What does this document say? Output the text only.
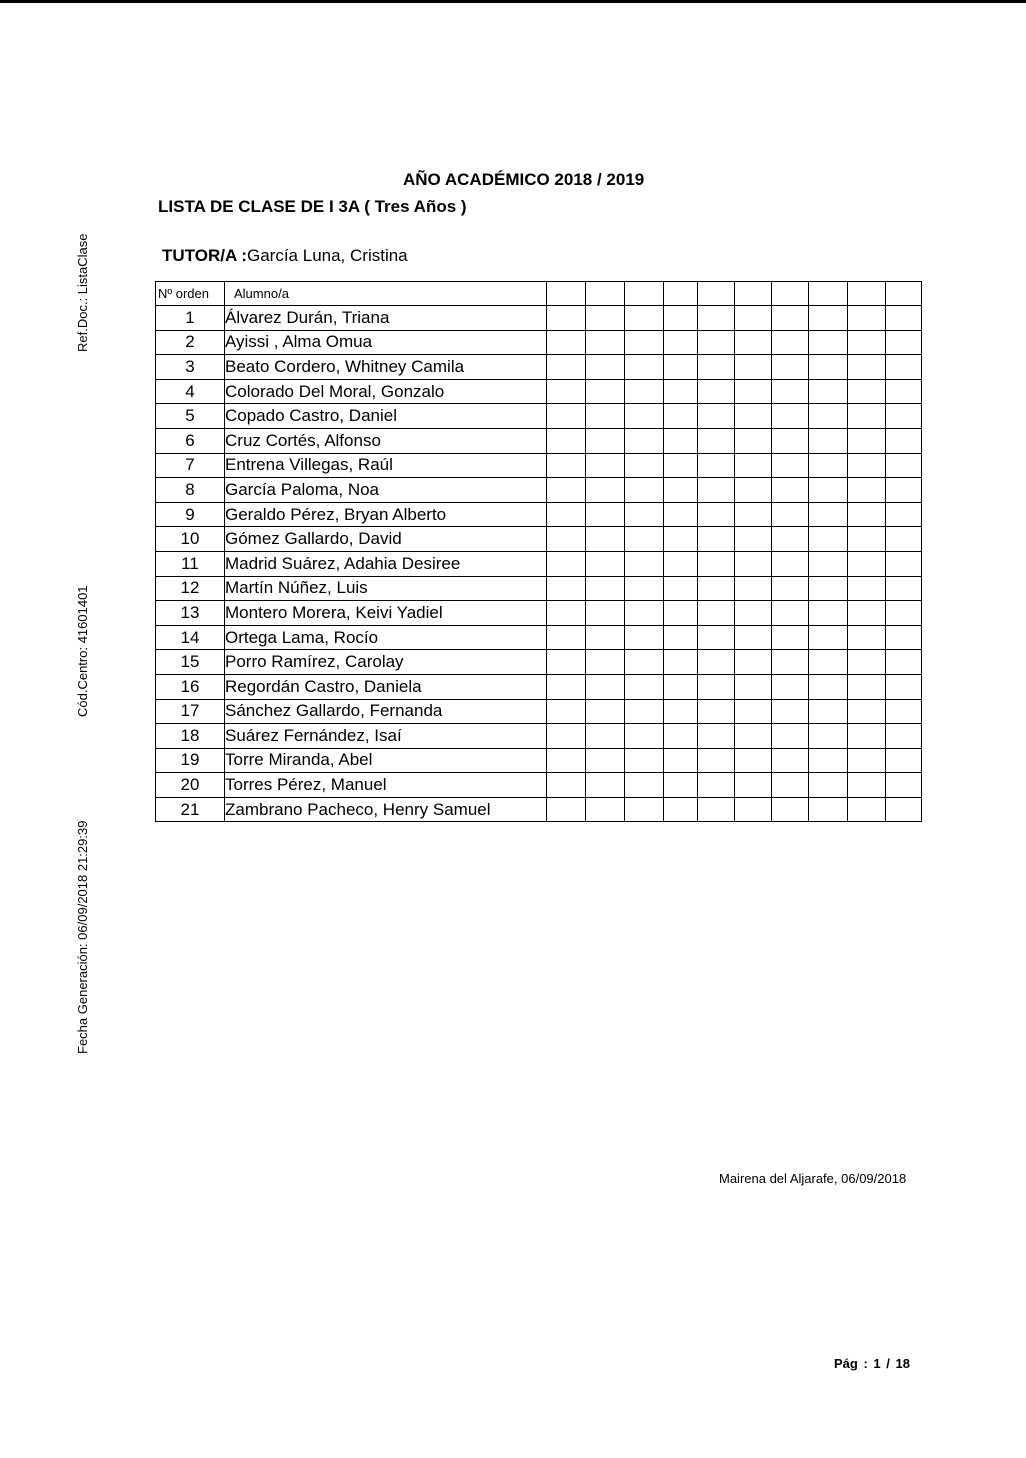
AÑO ACADÉMICO 2018 / 2019
LISTA DE CLASE DE I 3A ( Tres Años )
TUTOR/A :García Luna, Cristina
Ref.Doc.: ListaClase
Cód.Centro: 41601401
Fecha Generación: 06/09/2018 21:29:39
Nº orden	Alumno/a										
1	Álvarez Durán, Triana										
2	Ayissi , Alma Omua										
3	Beato Cordero, Whitney Camila										
4	Colorado Del Moral, Gonzalo										
5	Copado Castro, Daniel										
6	Cruz Cortés, Alfonso										
7	Entrena Villegas, Raúl										
8	García Paloma, Noa										
9	Geraldo Pérez, Bryan Alberto										
10	Gómez Gallardo, David										
11	Madrid Suárez, Adahia Desiree										
12	Martín Núñez, Luis										
13	Montero Morera, Keivi Yadiel										
14	Ortega Lama, Rocío										
15	Porro Ramírez, Carolay										
16	Regordán Castro, Daniela										
17	Sánchez Gallardo, Fernanda										
18	Suárez Fernández, Isaí										
19	Torre Miranda, Abel										
20	Torres Pérez, Manuel										
21	Zambrano Pacheco, Henry Samuel										
Mairena del Aljarafe, 06/09/2018
Pág : 1 / 18
